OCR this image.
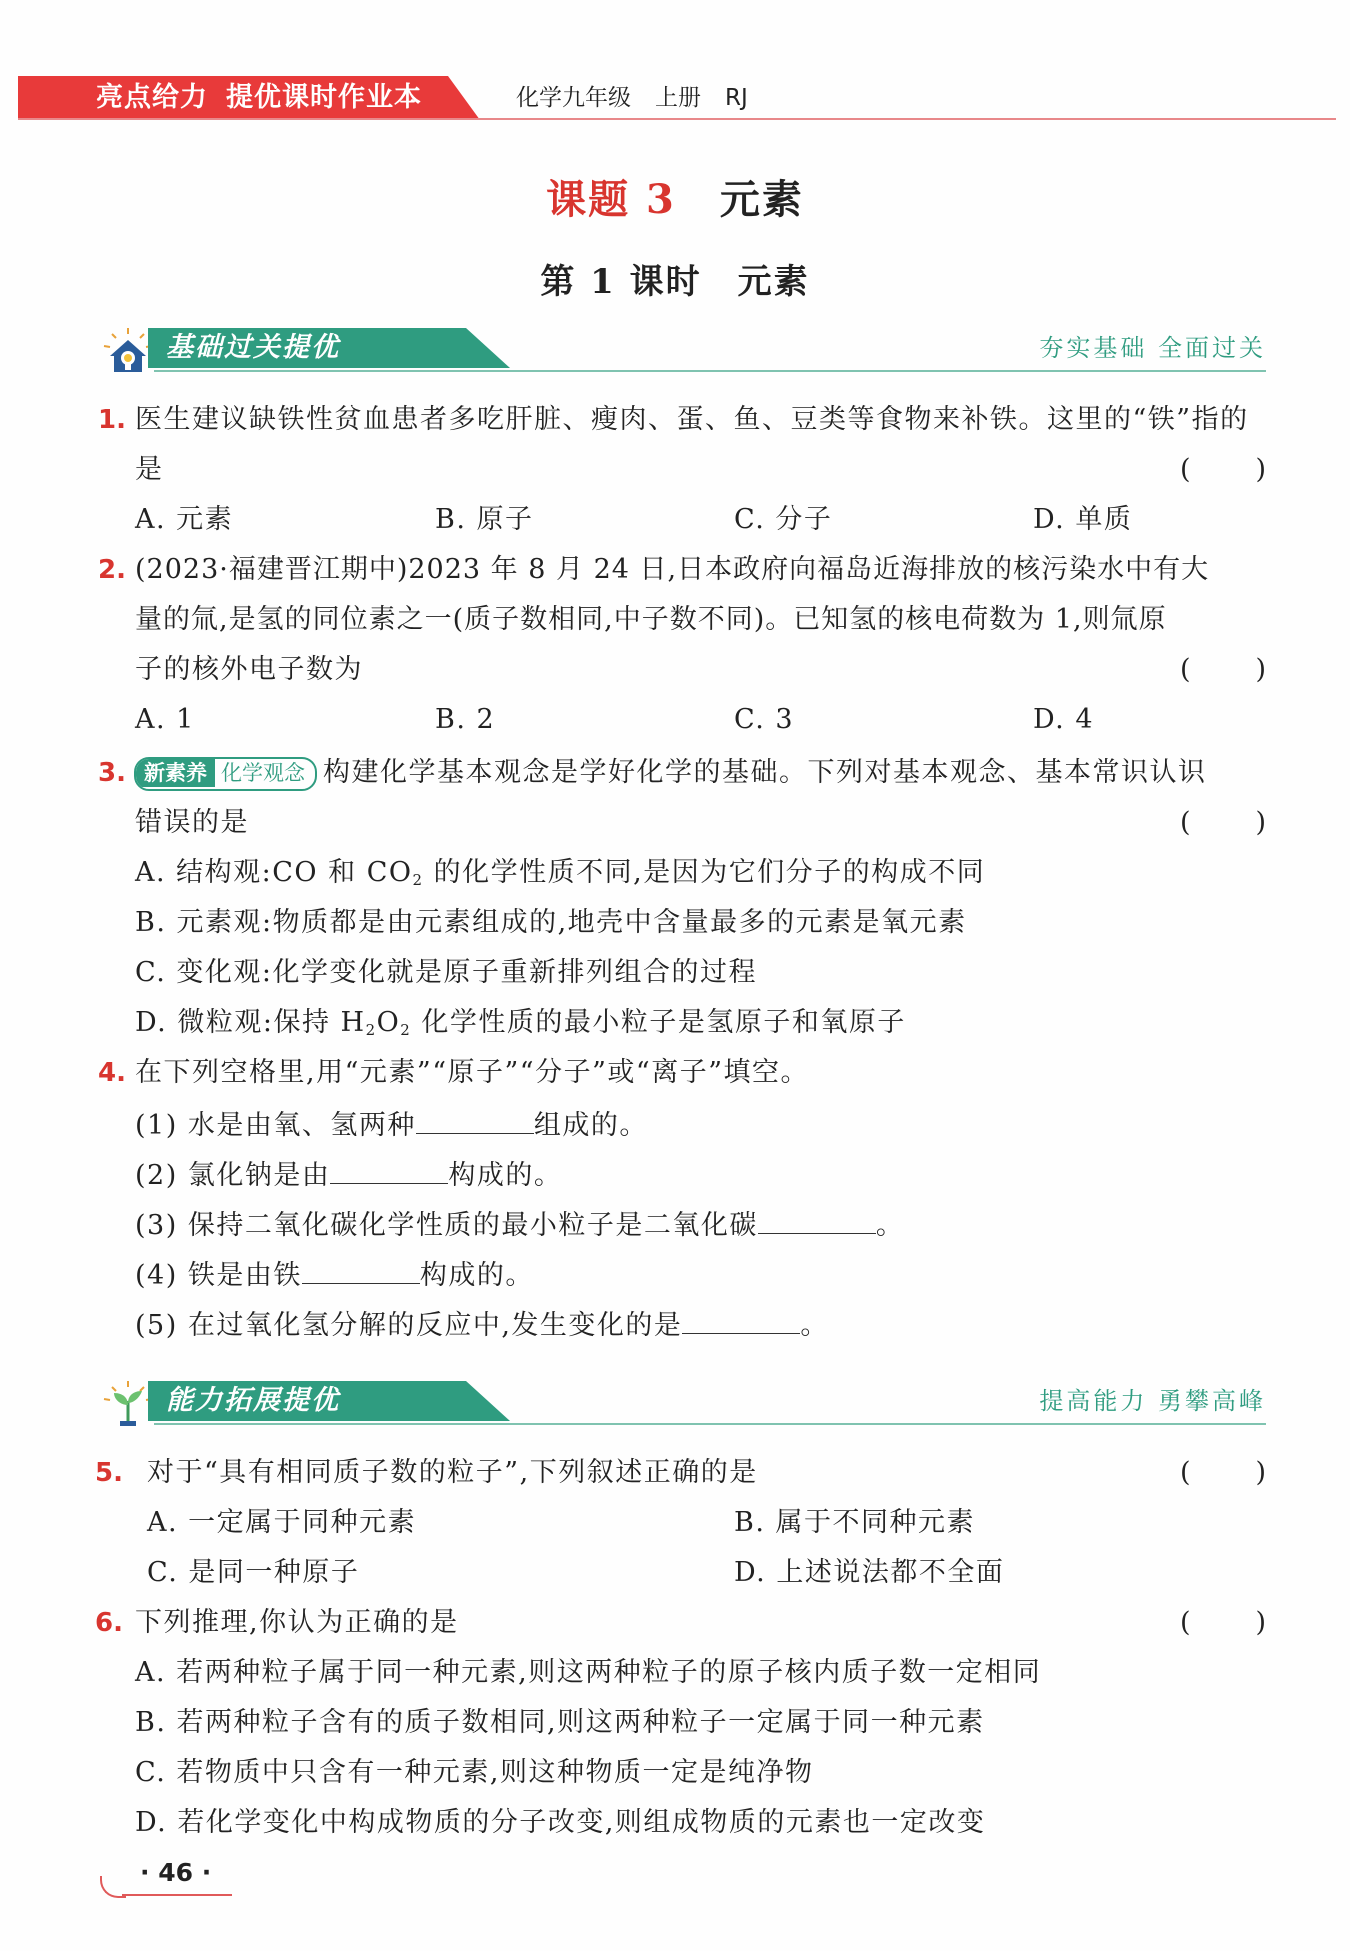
亮点给力 提优课时作业本	化学九年级 上册 RJ
课题 3 元素
第 1 课时 元素
基础过关提优	夯实基础 全面过关
1. 医生建议缺铁性贫血患者多吃肝脏、瘦肉、蛋、鱼、豆类等食物来补铁。这里的“铁”指的
是	( )
A. 元素	B. 原子	C. 分子	D. 单质
2. (2023·福建晋江期中)2023 年 8 月 24 日,日本政府向福岛近海排放的核污染水中有大
量的氚,是氢的同位素之一(质子数相同,中子数不同)。已知氢的核电荷数为 1,则氚原
子的核外电子数为	( )
A. 1	B. 2	C. 3	D. 4
3. 新素养 化学观念 构建化学基本观念是学好化学的基础。下列对基本观念、基本常识认识
错误的是	( )
A. 结构观:CO 和 $CO_2$ 的化学性质不同,是因为它们分子的构成不同
B. 元素观:物质都是由元素组成的,地壳中含量最多的元素是氧元素
C. 变化观:化学变化就是原子重新排列组合的过程
D. 微粒观:保持 $H_2O_2$ 化学性质的最小粒子是氢原子和氧原子
4. 在下列空格里,用“元素”“原子”“分子”或“离子”填空。
(1) 水是由氧、氢两种	组成的。
(2) 氯化钠是由	构成的。
(3) 保持二氧化碳化学性质的最小粒子是二氧化碳	。
(4) 铁是由铁	构成的。
(5) 在过氧化氢分解的反应中,发生变化的是	。
能力拓展提优	提高能力 勇攀高峰
5. 对于“具有相同质子数的粒子”,下列叙述正确的是	( )
A. 一定属于同种元素	B. 属于不同种元素
C. 是同一种原子	D. 上述说法都不全面
6. 下列推理,你认为正确的是	( )
A. 若两种粒子属于同一种元素,则这两种粒子的原子核内质子数一定相同
B. 若两种粒子含有的质子数相同,则这两种粒子一定属于同一种元素
C. 若物质中只含有一种元素,则这种物质一定是纯净物
D. 若化学变化中构成物质的分子改变,则组成物质的元素也一定改变
· 46 ·
